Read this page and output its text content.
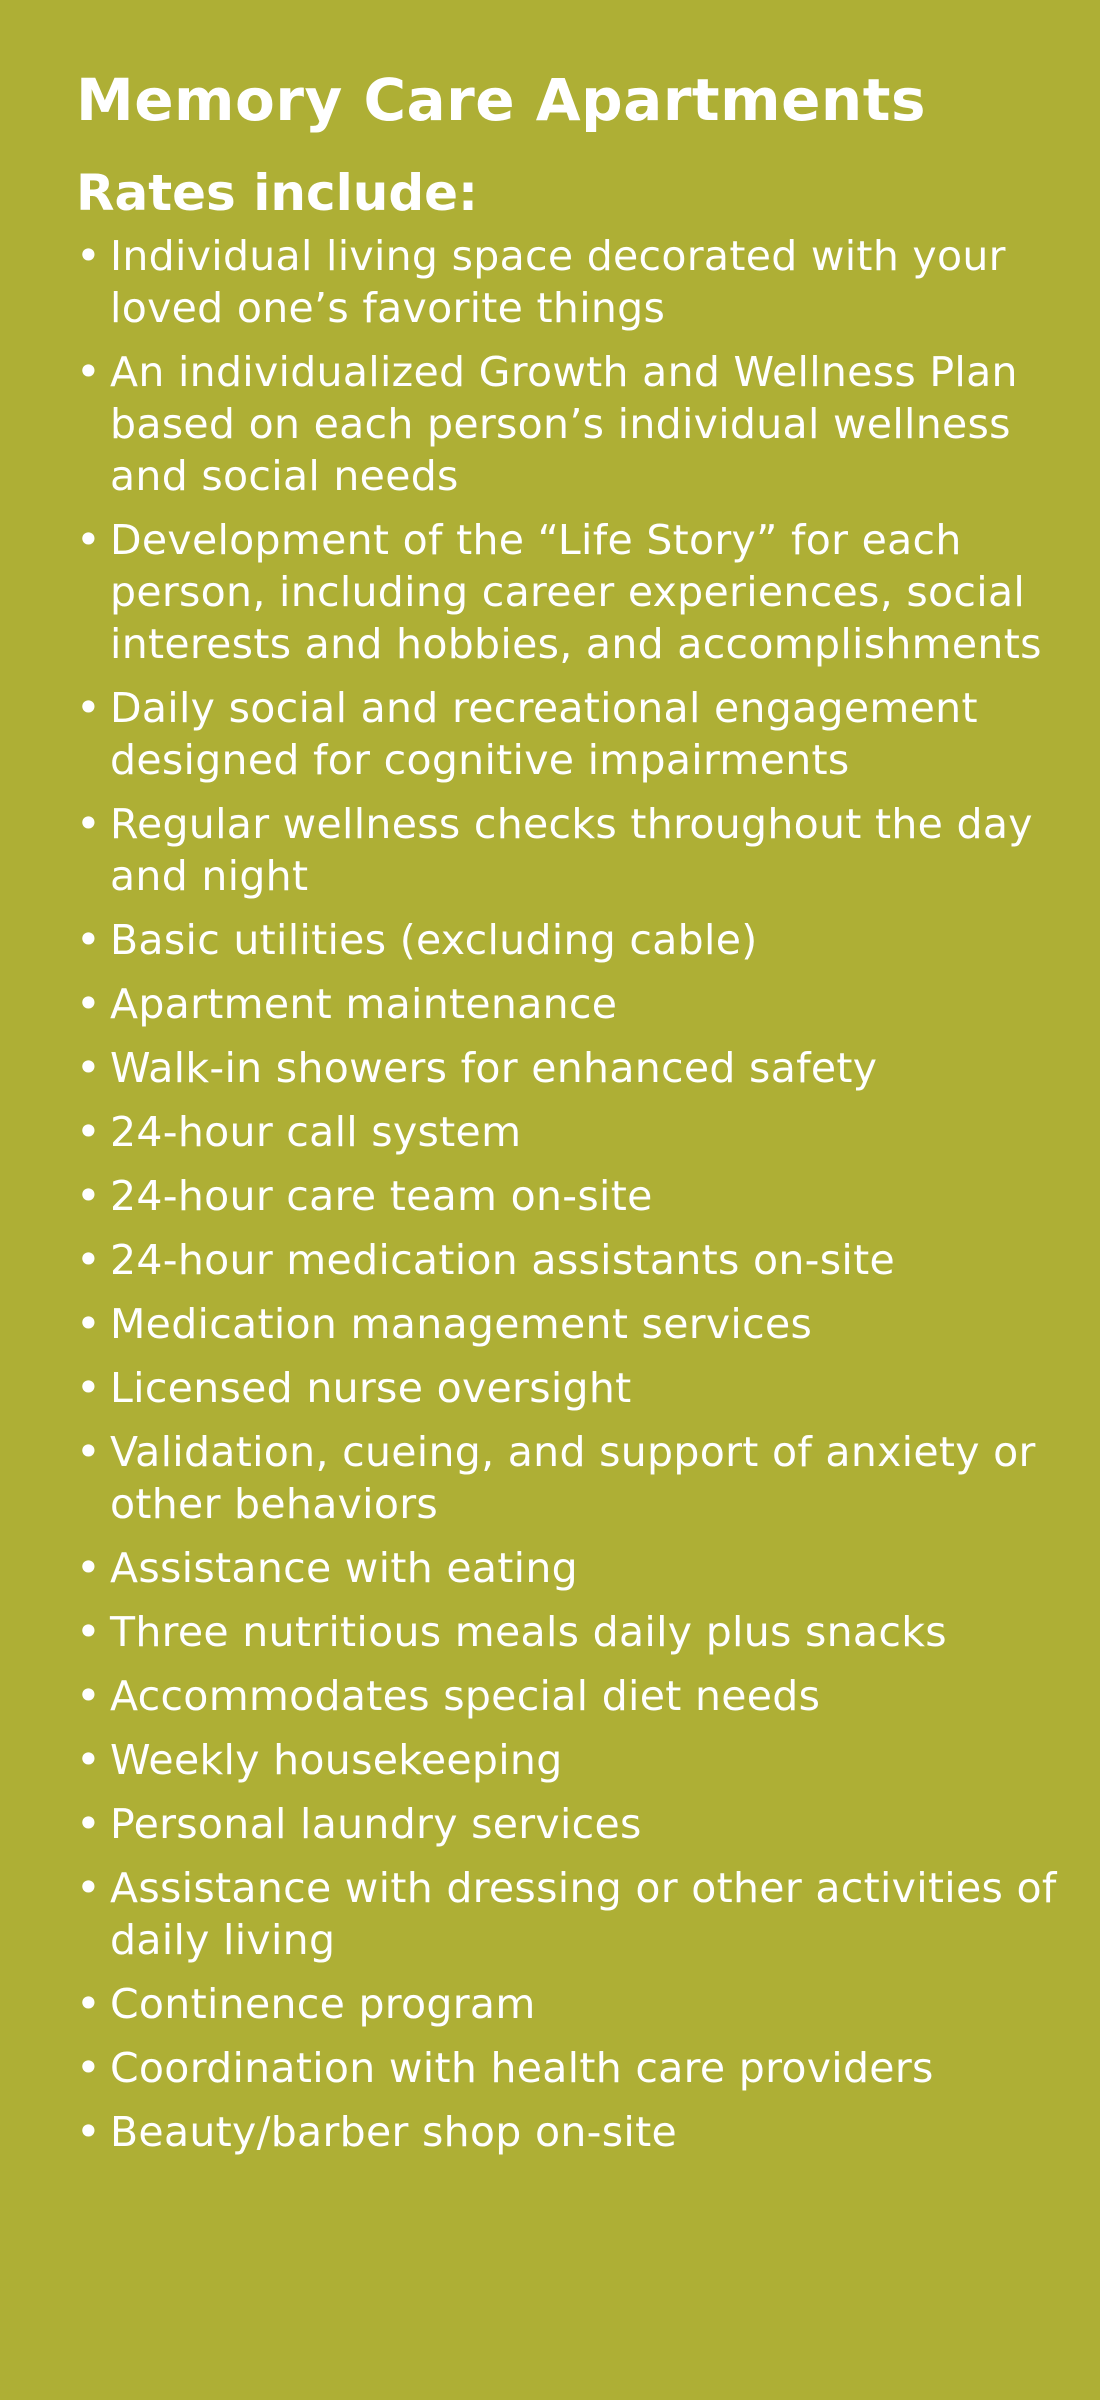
Memory Care Apartments
Rates include:
• Individual living space decorated with your loved one’s favorite things
• An individualized Growth and Wellness Plan based on each person’s individual wellness and social needs
• Development of the “Life Story” for each person, including career experiences, social interests and hobbies, and accomplishments
• Daily social and recreational engagement designed for cognitive impairments
• Regular wellness checks throughout the day and night
• Basic utilities (excluding cable)
• Apartment maintenance
• Walk-in showers for enhanced safety
• 24-hour call system
• 24-hour care team on-site
• 24-hour medication assistants on-site
• Medication management services
• Licensed nurse oversight
• Validation, cueing, and support of anxiety or other behaviors
• Assistance with eating
• Three nutritious meals daily plus snacks
• Accommodates special diet needs
• Weekly housekeeping
• Personal laundry services
• Assistance with dressing or other activities of daily living
• Continence program
• Coordination with health care providers
• Beauty/barber shop on-site
